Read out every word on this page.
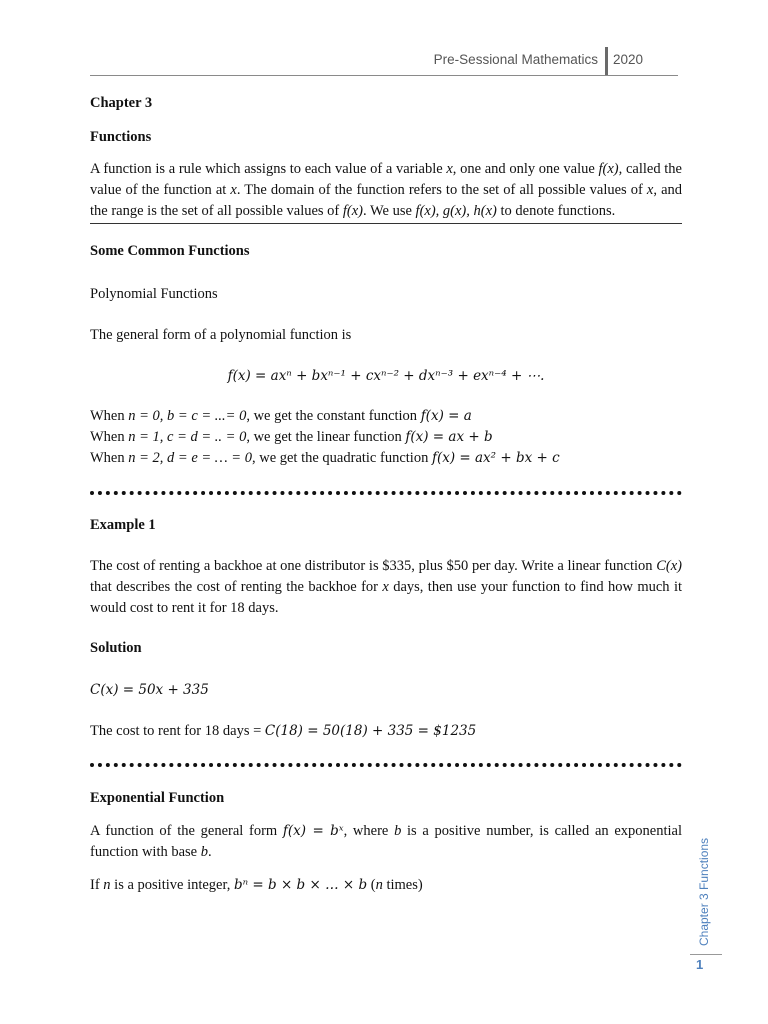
Pre-Sessional Mathematics 2020
Chapter 3
Functions
A function is a rule which assigns to each value of a variable x, one and only one value f(x), called the value of the function at x. The domain of the function refers to the set of all possible values of x, and the range is the set of all possible values of f(x). We use f(x), g(x), h(x) to denote functions.
Some Common Functions
Polynomial Functions
The general form of a polynomial function is
f(x) = axⁿ + bxⁿ⁻¹ + cxⁿ⁻² + dxⁿ⁻³ + exⁿ⁻⁴ + ⋯.
When n = 0, b = c = ...= 0, we get the constant function f(x) = a
When n = 1, c = d = .. = 0, we get the linear function f(x) = ax + b
When n = 2, d = e = … = 0, we get the quadratic function f(x) = ax² + bx + c
Example 1
The cost of renting a backhoe at one distributor is $335, plus $50 per day. Write a linear function C(x) that describes the cost of renting the backhoe for x days, then use your function to find how much it would cost to rent it for 18 days.
Solution
C(x) = 50x + 335
The cost to rent for 18 days = C(18) = 50(18) + 335 = $1235
Exponential Function
A function of the general form f(x) = bˣ, where b is a positive number, is called an exponential function with base b.
If n is a positive integer, bⁿ = b × b × … × b (n times)	Chapter 3 Functions
1
